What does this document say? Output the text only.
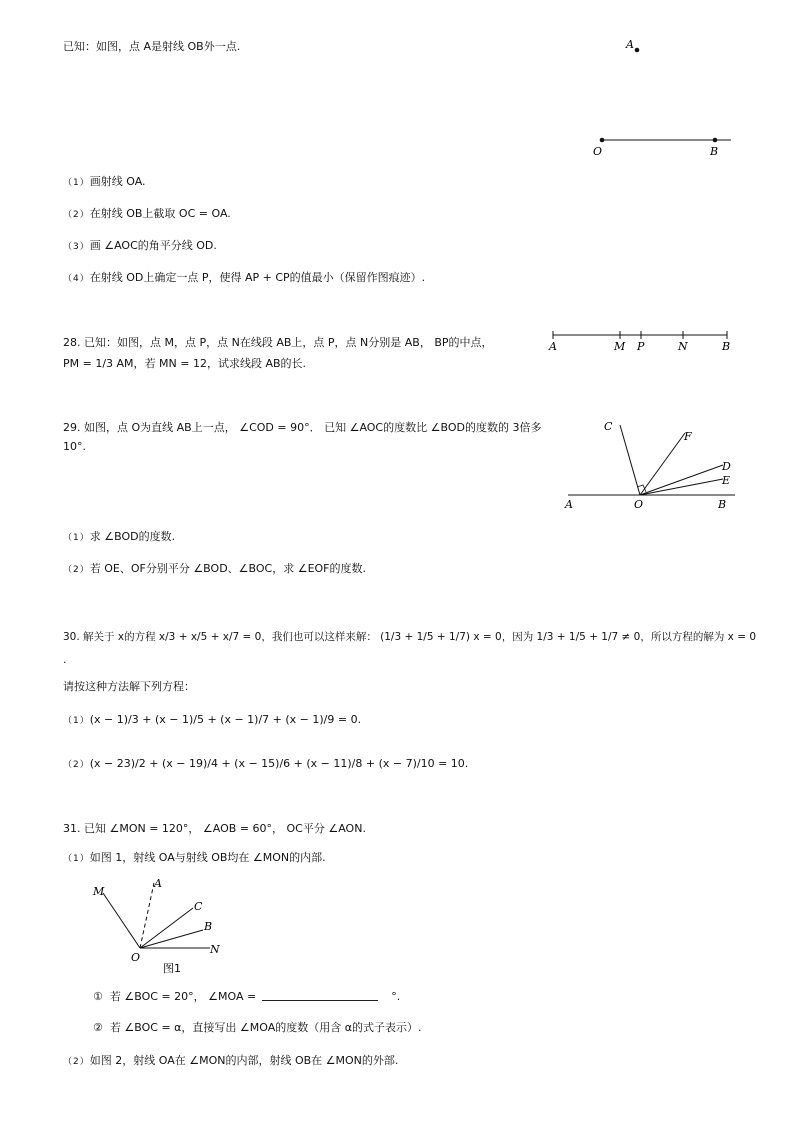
已知：如图，点 A是射线 OB外一点.	A
O	B
（1）画射线 OA.
（2）在射线 OB上截取 OC = OA.
（3）画 ∠AOC的角平分线 OD.
（4）在射线 OD上确定一点 P，使得 AP + CP的值最小（保留作图痕迹）.
28. 已知：如图，点 M，点 P，点 N在线段 AB上，点 P，点 N分别是 AB， BP的中点，
PM = 1/3 AM，若 MN = 12，试求线段 AB的长.
A	M P	N	B
29. 如图，点 O为直线 AB上一点， ∠COD = 90°． 已知 ∠AOC的度数比 ∠BOD的度数的 3倍多
10°.
C
F
D
E
A	O	B
（1）求 ∠BOD的度数.
（2）若 OE、OF分别平分 ∠BOD、∠BOC，求 ∠EOF的度数.
30. 解关于 x的方程 x/3 + x/5 + x/7 = 0，我们也可以这样来解： (1/3 + 1/5 + 1/7) x = 0，因为 1/3 + 1/5 + 1/7 ≠ 0，所以方程的解为 x = 0
.
请按这种方法解下列方程：
（1）(x − 1)/3 + (x − 1)/5 + (x − 1)/7 + (x − 1)/9 = 0.
（2）(x − 23)/2 + (x − 19)/4 + (x − 15)/6 + (x − 11)/8 + (x − 7)/10 = 10.
31. 已知 ∠MON = 120°， ∠AOB = 60°， OC平分 ∠AON.
（1）如图 1，射线 OA与射线 OB均在 ∠MON的内部.
M
A
C
B
N
O
图1
① 若 ∠BOC = 20°， ∠MOA =	°.
② 若 ∠BOC = α，直接写出 ∠MOA的度数（用含 α的式子表示）.
（2）如图 2，射线 OA在 ∠MON的内部，射线 OB在 ∠MON的外部.
